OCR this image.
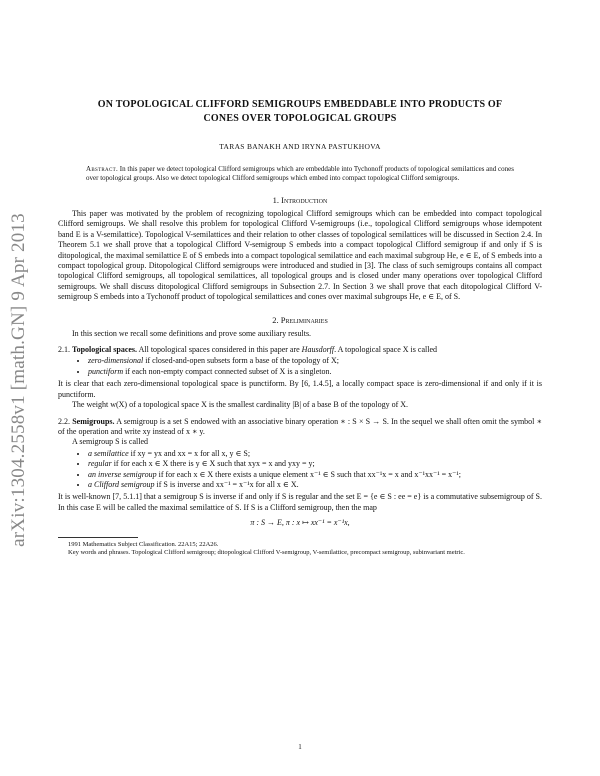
arXiv:1304.2558v1 [math.GN] 9 Apr 2013
ON TOPOLOGICAL CLIFFORD SEMIGROUPS EMBEDDABLE INTO PRODUCTS OF
CONES OVER TOPOLOGICAL GROUPS
TARAS BANAKH AND IRYNA PASTUKHOVA
Abstract. In this paper we detect topological Clifford semigroups which are embeddable into Tychonoff products of topological semilattices and cones over topological groups. Also we detect topological Clifford semigroups which embed into compact topological Clifford semigroups.
1. Introduction

This paper was motivated by the problem of recognizing topological Clifford semigroups which can be embedded into compact topological Clifford semigroups. We shall resolve this problem for topological Clifford V-semigroups (i.e., topological Clifford semigroups whose idempotent band E is a V-semilattice). Topological V-semilattices and their relation to other classes of topological semilattices will be discussed in Section 2.4. In Theorem 5.1 we shall prove that a topological Clifford V-semigroup S embeds into a compact topological Clifford semigroup if and only if S is ditopological, the maximal semilattice E of S embeds into a compact topological semilattice and each maximal subgroup He, e ∈ E, of S embeds into a compact topological group. Ditopological Clifford semigroups were introduced and studied in [3]. The class of such semigroups contains all compact topological Clifford semigroups, all topological semilattices, all topological groups and is closed under many operations over topological Clifford semigroups. We shall discuss ditopological Clifford semigroups in Subsection 2.7. In Section 3 we shall prove that each ditopological Clifford V-semigroup S embeds into a Tychonoff product of topological semilattices and cones over maximal subgroups He, e ∈ E, of S.

2. Preliminaries

In this section we recall some definitions and prove some auxiliary results.

2.1. Topological spaces. All topological spaces considered in this paper are Hausdorff. A topological space X is called

• zero-dimensional if closed-and-open subsets form a base of the topology of X;
• punctiform if each non-empty compact connected subset of X is a singleton.

It is clear that each zero-dimensional topological space is punctiform. By [6, 1.4.5], a locally compact space is zero-dimensional if and only if it is punctiform.

The weight w(X) of a topological space X is the smallest cardinality |B| of a base B of the topology of X.

2.2. Semigroups. A semigroup is a set S endowed with an associative binary operation ∗ : S × S → S. In the sequel we shall often omit the symbol ∗ of the operation and write xy instead of x ∗ y.

A semigroup S is called

• a semilattice if xy = yx and xx = x for all x, y ∈ S;
• regular if for each x ∈ X there is y ∈ X such that xyx = x and yxy = y;
• an inverse semigroup if for each x ∈ X there exists a unique element x⁻¹ ∈ S such that xx⁻¹x = x and x⁻¹xx⁻¹ = x⁻¹;
• a Clifford semigroup if S is inverse and xx⁻¹ = x⁻¹x for all x ∈ X.

It is well-known [7, 5.1.1] that a semigroup S is inverse if and only if S is regular and the set E = {e ∈ S : ee = e} is a commutative subsemigroup of S. In this case E will be called the maximal semilattice of S. If S is a Clifford semigroup, then the map

π : S → E, π : x ↦ xx⁻¹ = x⁻¹x,

1991 Mathematics Subject Classification. 22A15; 22A26.

Key words and phrases. Topological Clifford semigroup; ditopological Clifford V-semigroup, V-semilattice, precompact semigroup, subinvariant metric.

1
